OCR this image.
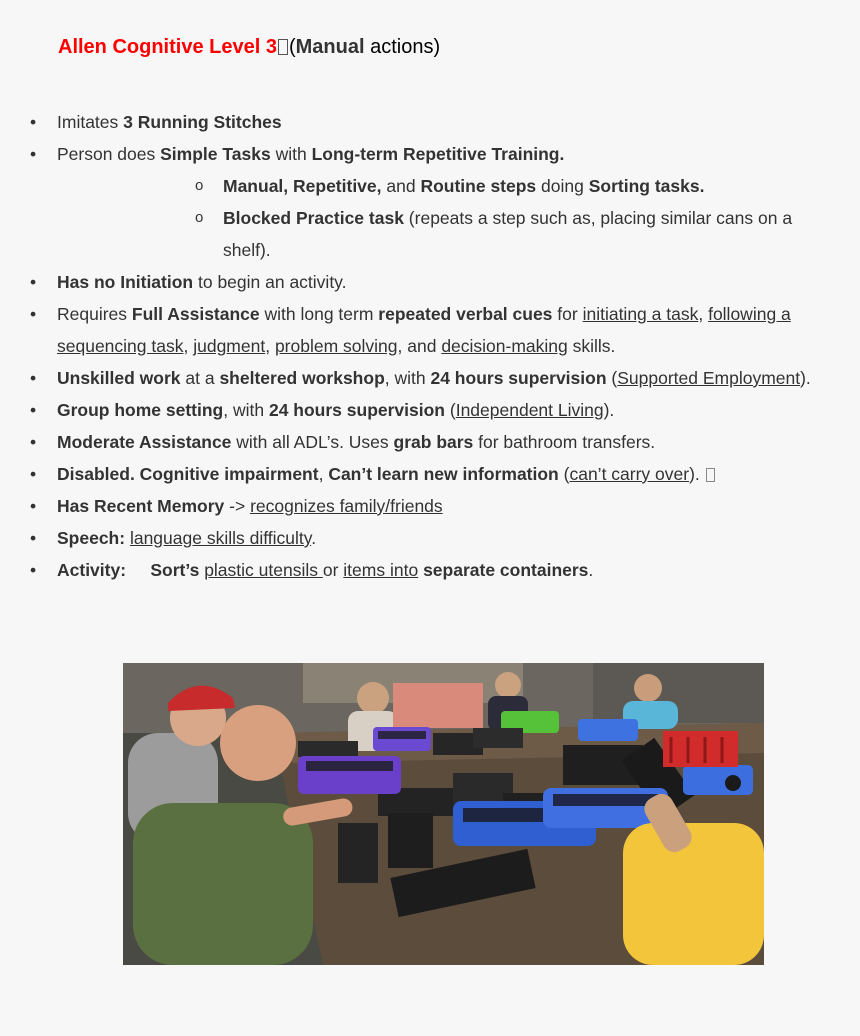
Allen Cognitive Level 3 (Manual actions)
• Imitates 3 Running Stitches
• Person does Simple Tasks with Long-term Repetitive Training.
o Manual, Repetitive, and Routine steps doing Sorting tasks.
o Blocked Practice task (repeats a step such as, placing similar cans on a shelf).
• Has no Initiation to begin an activity.
• Requires Full Assistance with long term repeated verbal cues for initiating a task, following a sequencing task, judgment, problem solving, and decision-making skills.
• Unskilled work at a sheltered workshop, with 24 hours supervision (Supported Employment).
• Group home setting, with 24 hours supervision (Independent Living).
• Moderate Assistance with all ADL’s. Uses grab bars for bathroom transfers.
• Disabled. Cognitive impairment, Can’t learn new information (can’t carry over).
• Has Recent Memory -> recognizes family/friends
• Speech: language skills difficulty.
• Activity: Sort’s plastic utensils or items into separate containers.
